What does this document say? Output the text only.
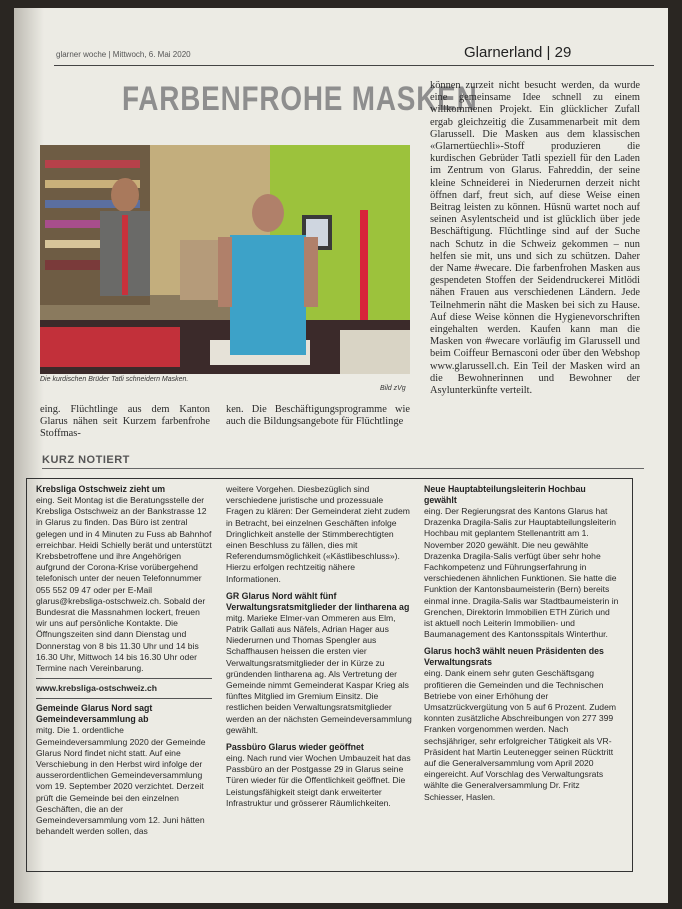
glarner woche | Mittwoch, 6. Mai 2020	Glarnerland | 29
FARBENFROHE MASKEN
Die kurdischen Brüder Tatli schneidern Masken.
Bild zVg
eing. Flüchtlinge aus dem Kanton Glarus nähen seit Kurzem farbenfrohe Stoffmas-
ken. Die Beschäftigungsprogramme wie auch die Bildungsangebote für Flüchtlinge
können zurzeit nicht besucht werden, da wurde eine gemeinsame Idee schnell zu einem willkommenen Projekt. Ein glücklicher Zufall ergab gleichzeitig die Zusammenarbeit mit dem Glarussell. Die Masken aus dem klassischen «Glarnertüechli»-Stoff produzieren die kurdischen Gebrüder Tatli speziell für den Laden im Zentrum von Glarus. Fahreddin, der seine kleine Schneiderei in Niederurnen derzeit nicht öffnen darf, freut sich, auf diese Weise einen Beitrag leisten zu können. Hüsnü wartet noch auf seinen Asylentscheid und ist glücklich über jede Beschäftigung. Flüchtlinge sind auf der Suche nach Schutz in die Schweiz gekommen – nun helfen sie mit, uns und sich zu schützen. Daher der Name #wecare. Die farbenfrohen Masken aus gespendeten Stoffen der Seidendruckerei Mitlödi nähen Frauen aus verschiedenen Ländern. Jede Teilnehmerin näht die Masken bei sich zu Hause. Auf diese Weise können die Hygienevorschriften eingehalten werden. Kaufen kann man die Masken von #wecare vorläufig im Glarussell und beim Coiffeur Bernasconi oder über den Webshop www.glarussell.ch. Ein Teil der Masken wird an die Bewohnerinnen und Bewohner der Asylunterkünfte verteilt.
KURZ NOTIERT
Krebsliga Ostschweiz zieht um

eing. Seit Montag ist die Beratungsstelle der Krebsliga Ostschweiz an der Bankstrasse 12 in Glarus zu finden. Das Büro ist zentral gelegen und in 4 Minuten zu Fuss ab Bahnhof erreichbar. Heidi Schielly berät und unterstützt Krebsbetroffene und ihre Angehörigen aufgrund der Corona-Krise vorübergehend telefonisch unter der neuen Telefonnummer 055 552 09 47 oder per E-Mail glarus@krebsliga-ostschweiz.ch. Sobald der Bundesrat die Massnahmen lockert, freuen wir uns auf persönliche Kontakte. Die Öffnungszeiten sind dann Dienstag und Donnerstag von 8 bis 11.30 Uhr und 14 bis 16.30 Uhr, Mittwoch 14 bis 16.30 Uhr oder Termine nach Vereinbarung.

www.krebsliga-ostschweiz.ch

Gemeinde Glarus Nord sagt Gemeindeversammlung ab

mitg. Die 1. ordentliche Gemeindeversammlung 2020 der Gemeinde Glarus Nord findet nicht statt. Auf eine Verschiebung in den Herbst wird infolge der ausserordentlichen Gemeindeversammlung vom 19. September 2020 verzichtet. Derzeit prüft die Gemeinde bei den einzelnen Geschäften, die an der Gemeindeversammlung vom 12. Juni hätten behandelt werden sollen, das

weitere Vorgehen. Diesbezüglich sind verschiedene juristische und prozessuale Fragen zu klären: Der Gemeinderat zieht zudem in Betracht, bei einzelnen Geschäften infolge Dringlichkeit anstelle der Stimmberechtigten einen Beschluss zu fällen, dies mit Referendumsmöglichkeit («Kästlibeschluss»). Hierzu erfolgen rechtzeitig nähere Informationen.

GR Glarus Nord wählt fünf Verwaltungsratsmitglieder der lintharena ag

mitg. Marieke Elmer-van Ommeren aus Elm, Patrik Gallati aus Näfels, Adrian Hager aus Niederurnen und Thomas Spengler aus Schaffhausen heissen die ersten vier Verwaltungsratsmitglieder der in Kürze zu gründenden lintharena ag. Als Vertretung der Gemeinde nimmt Gemeinderat Kaspar Krieg als fünftes Mitglied im Gremium Einsitz. Die restlichen beiden Verwaltungsratsmitglieder werden an der nächsten Gemeindeversammlung gewählt.

Passbüro Glarus wieder geöffnet

eing. Nach rund vier Wochen Umbauzeit hat das Passbüro an der Postgasse 29 in Glarus seine Türen wieder für die Öffentlichkeit geöffnet. Die Leistungsfähigkeit steigt dank erweiterter Infrastruktur und grösserer Räumlichkeiten.

Neue Hauptabteilungsleiterin Hochbau gewählt

eing. Der Regierungsrat des Kantons Glarus hat Drazenka Dragila-Salis zur Hauptabteilungsleiterin Hochbau mit geplantem Stellenantritt am 1. November 2020 gewählt. Die neu gewählte Drazenka Dragila-Salis verfügt über sehr hohe Fachkompetenz und Führungserfahrung in verschiedenen ähnlichen Funktionen. Sie hatte die Funktion der Kantonsbaumeisterin (Bern) bereits einmal inne. Dragila-Salis war Stadtbaumeisterin in Grenchen, Direktorin Immobilien ETH Zürich und ist aktuell noch Leiterin Immobilien- und Baumanagement des Kantonsspitals Winterthur.

Glarus hoch3 wählt neuen Präsidenten des Verwaltungsrats

eing. Dank einem sehr guten Geschäftsgang profitieren die Gemeinden und die Technischen Betriebe von einer Erhöhung der Umsatzrückvergütung von 5 auf 6 Prozent. Zudem konnten zusätzliche Abschreibungen von 277 399 Franken vorgenommen werden. Nach sechsjähriger, sehr erfolgreicher Tätigkeit als VR-Präsident hat Martin Leutenegger seinen Rücktritt auf die Generalversammlung vom April 2020 eingereicht. Auf Vorschlag des Verwaltungsrats wählte die Generalversammlung Dr. Fritz Schiesser, Haslen.
